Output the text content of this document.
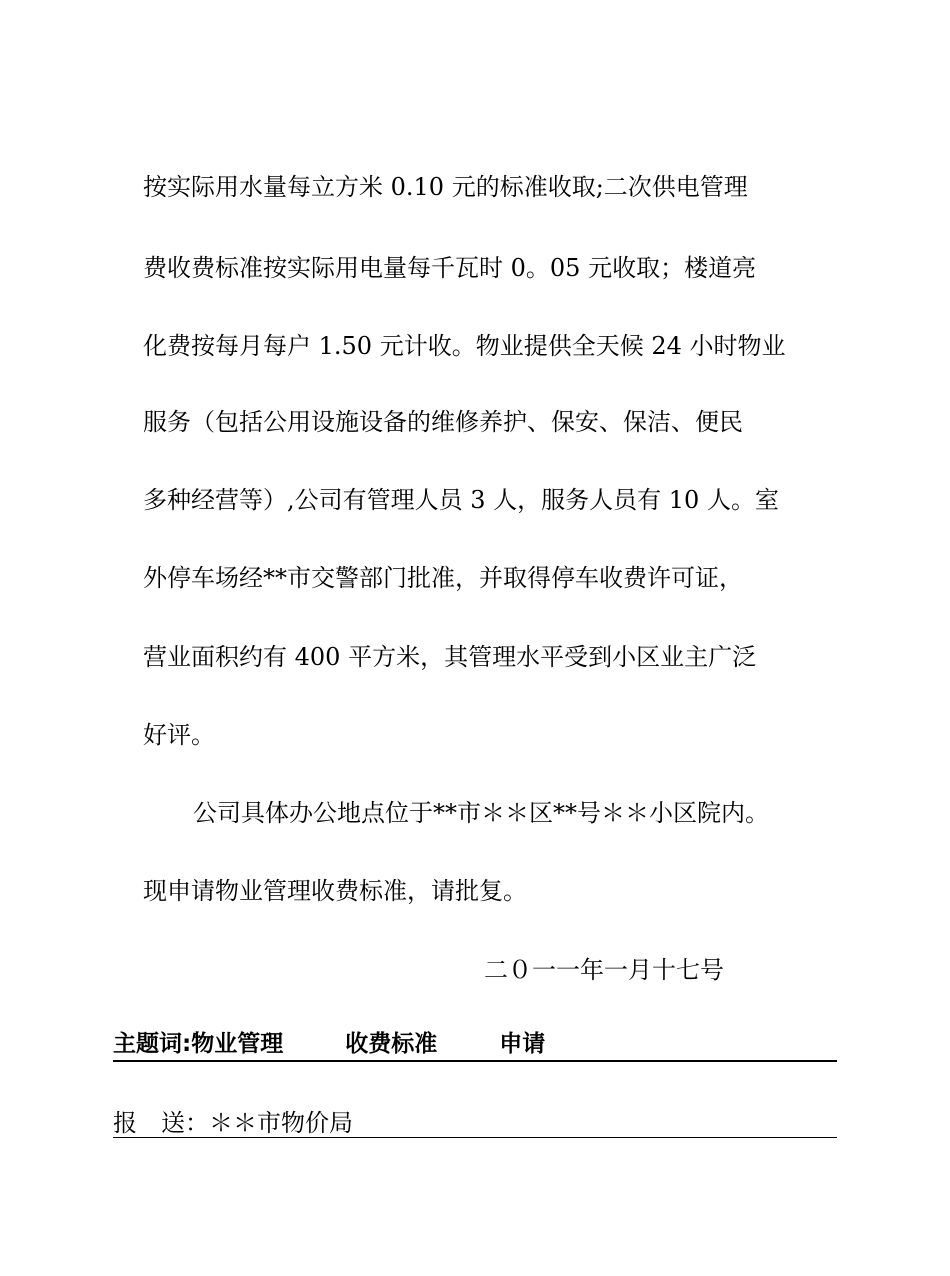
按实际用水量每立方米 0.10 元的标准收取;二次供电管理
费收费标准按实际用电量每千瓦时 0。05 元收取；楼道亮
化费按每月每户 1.50 元计收。物业提供全天候 24 小时物业
服务（包括公用设施设备的维修养护、保安、保洁、便民
多种经营等）,公司有管理人员 3 人，服务人员有 10 人。室
外停车场经**市交警部门批准，并取得停车收费许可证，
营业面积约有 400 平方米，其管理水平受到小区业主广泛
好评。
公司具体办公地点位于**市＊＊区**号＊＊小区院内。
现申请物业管理收费标准，请批复。
二０一一年一月十七号
主题词:物业管理	收费标准	申请
报 送：＊＊市物价局
